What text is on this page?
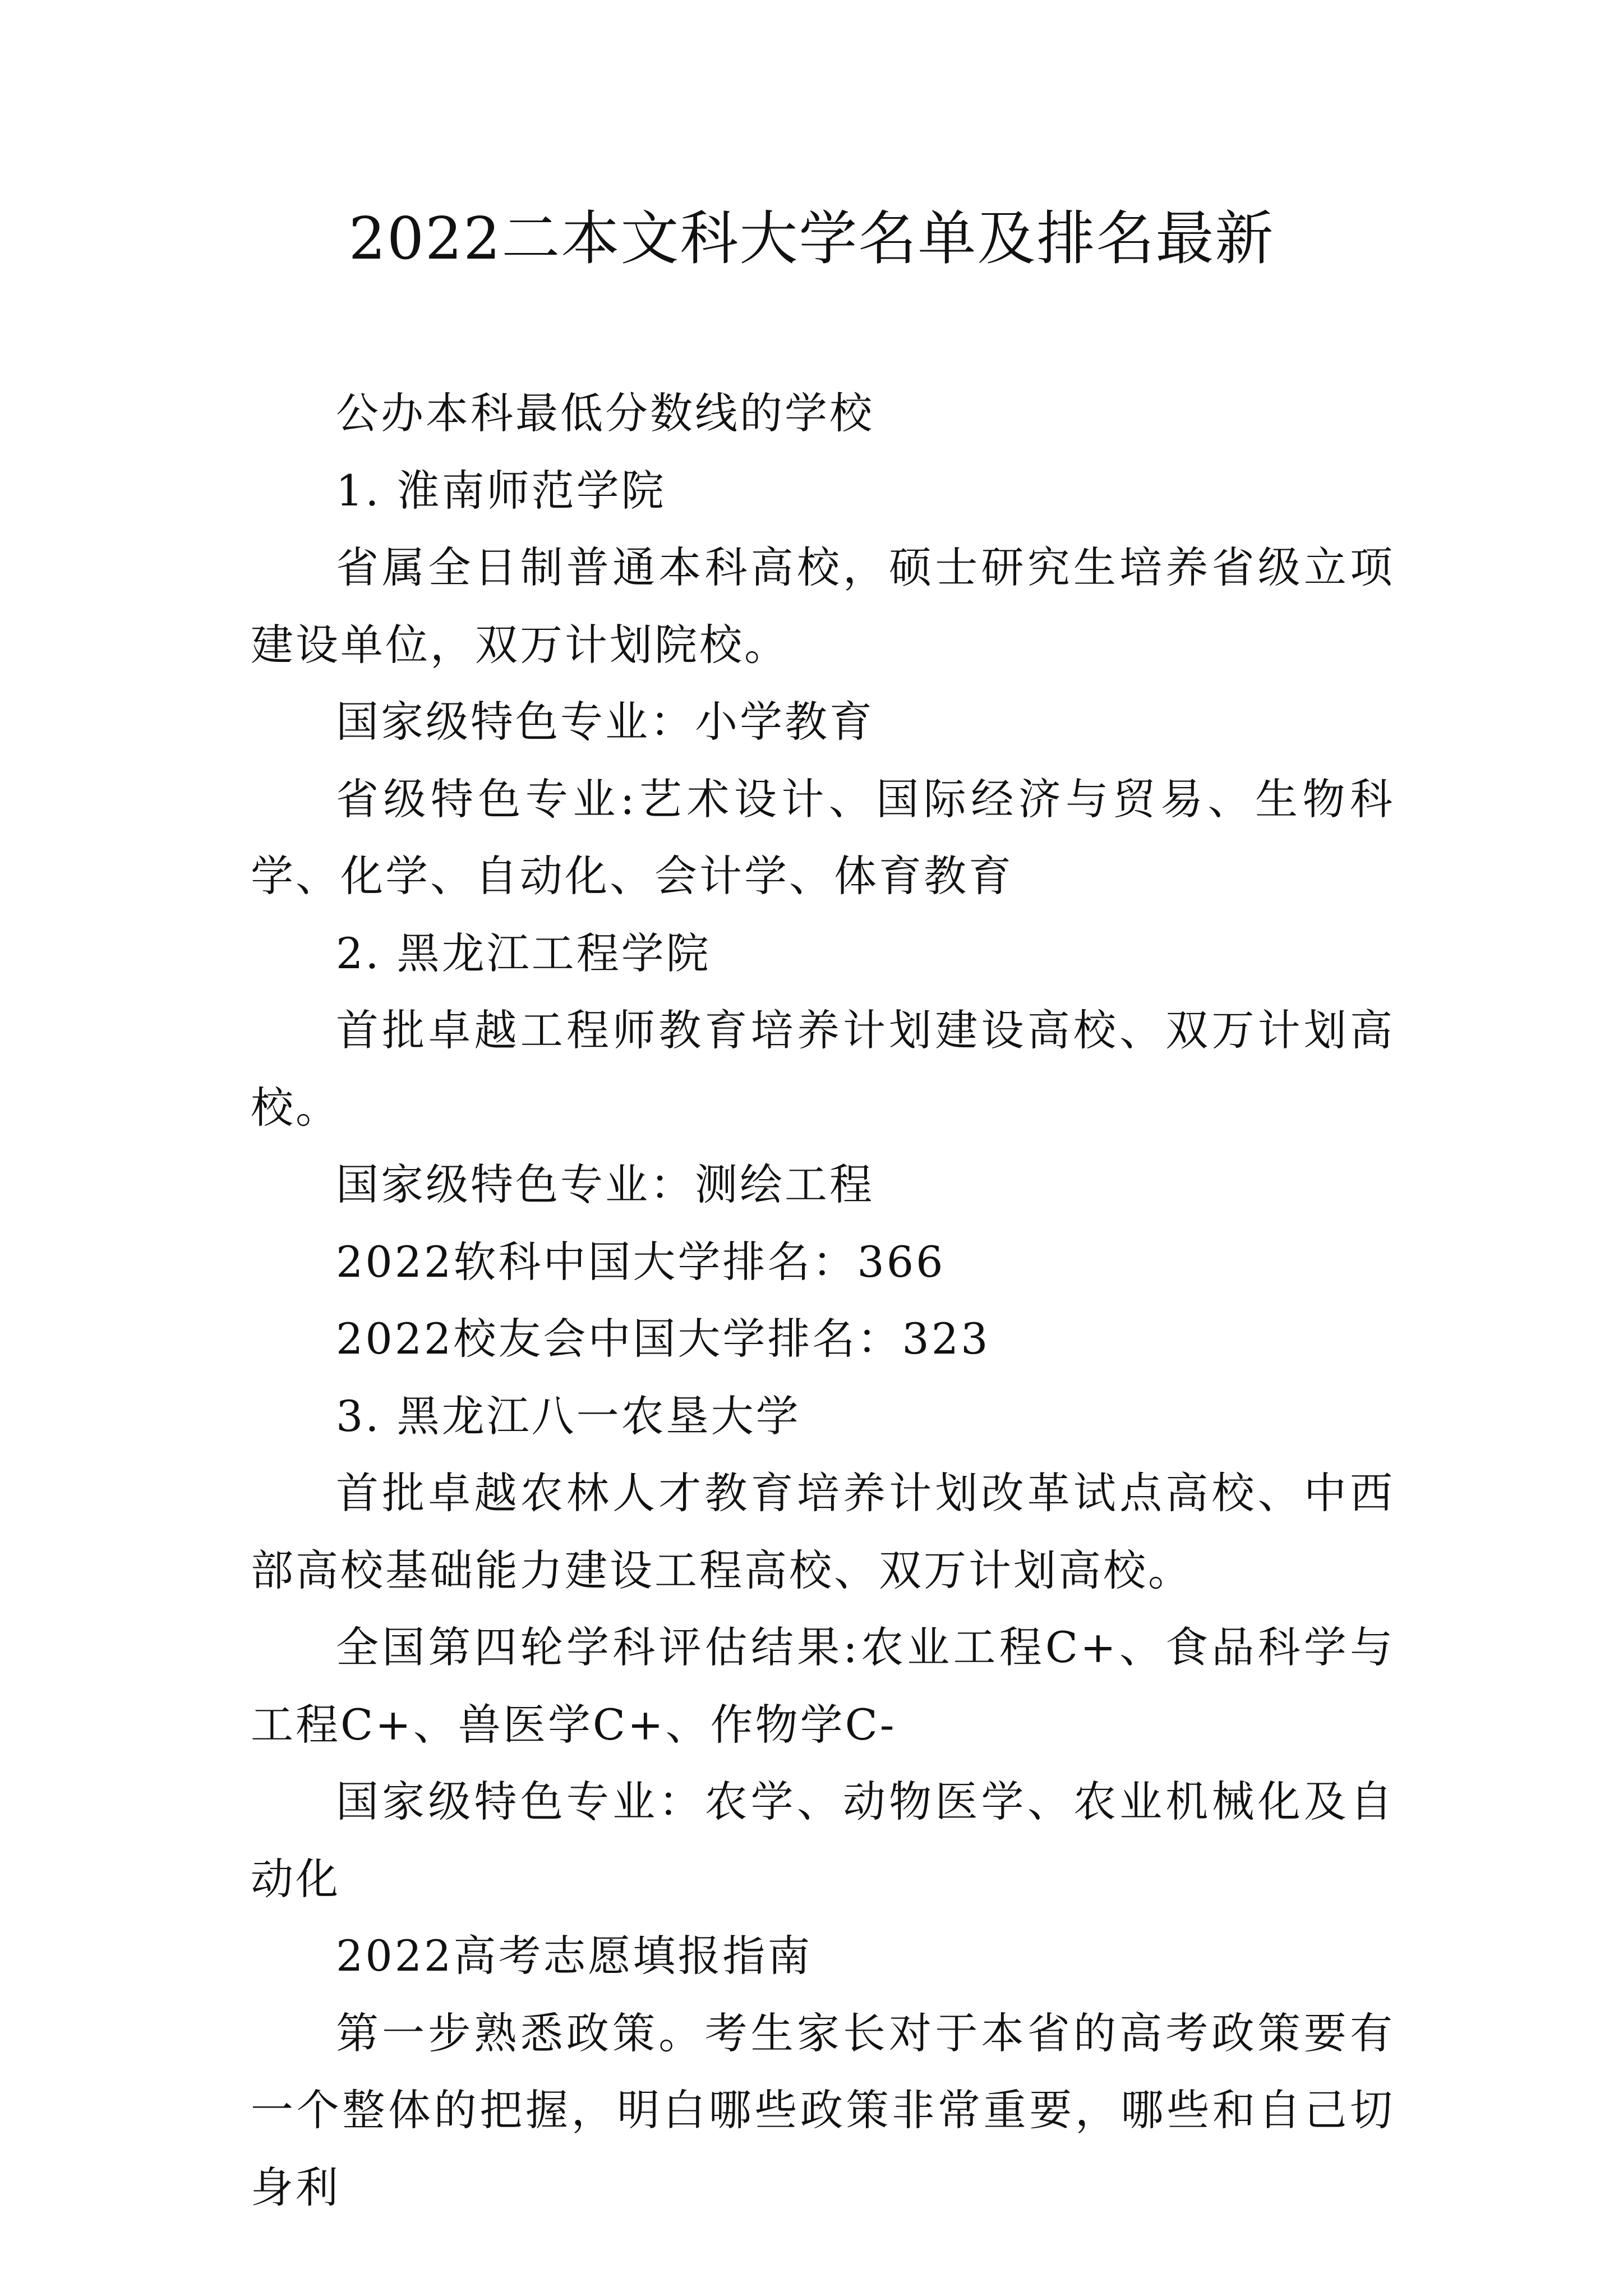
2022二本文科大学名单及排名最新

公办本科最低分数线的学校

1. 淮南师范学院

省属全日制普通本科高校，硕士研究生培养省级立项建设单位，双万计划院校。

国家级特色专业：小学教育

省级特色专业:艺术设计、国际经济与贸易、生物科学、化学、自动化、会计学、体育教育

2. 黑龙江工程学院

首批卓越工程师教育培养计划建设高校、双万计划高校。

国家级特色专业：测绘工程

2022软科中国大学排名：366

2022校友会中国大学排名：323

3. 黑龙江八一农垦大学

首批卓越农林人才教育培养计划改革试点高校、中西部高校基础能力建设工程高校、双万计划高校。

全国第四轮学科评估结果:农业工程C+、食品科学与工程C+、兽医学C+、作物学C-

国家级特色专业：农学、动物医学、农业机械化及自动化

2022高考志愿填报指南

第一步熟悉政策。考生家长对于本省的高考政策要有一个整体的把握，明白哪些政策非常重要，哪些和自己切身利
